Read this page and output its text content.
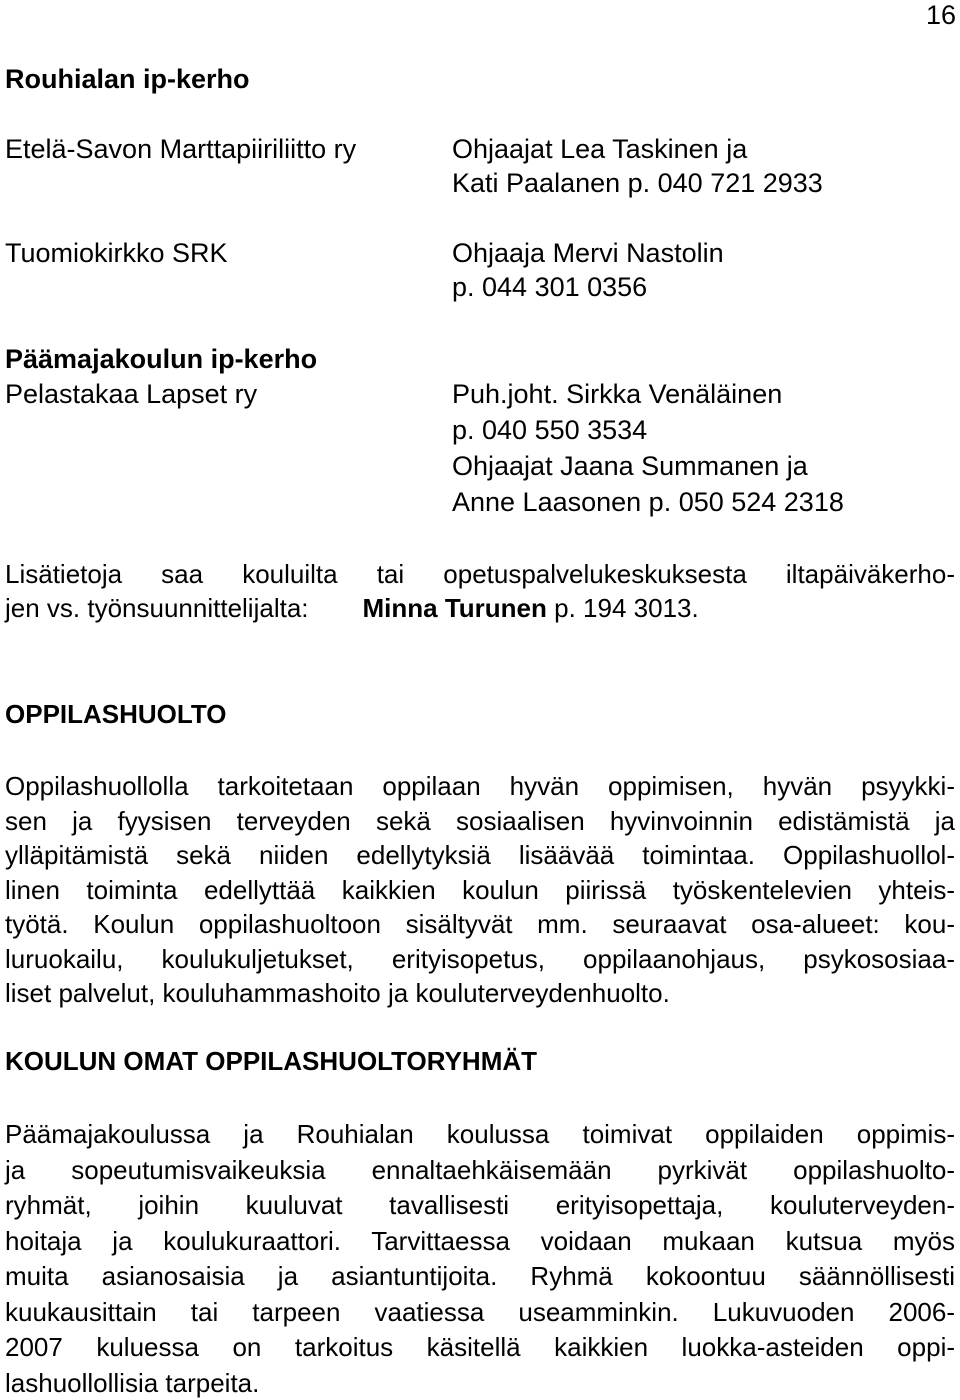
16
Rouhialan ip-kerho
Etelä-Savon Marttapiiriliitto ry	Ohjaajat Lea Taskinen ja
Kati Paalanen p. 040 721 2933
Tuomiokirkko SRK	Ohjaaja Mervi Nastolin
p. 044 301 0356
Päämajakoulun ip-kerho
Pelastakaa Lapset ry	Puh.joht. Sirkka Venäläinen
p. 040 550 3534
Ohjaajat Jaana Summanen ja
Anne Laasonen p. 050 524 2318
Lisätietoja saa kouluilta tai opetuspalvelukeskuksesta iltapäiväkerho-
jen vs. työnsuunnittelijalta: Minna Turunen p. 194 3013.
OPPILASHUOLTO
Oppilashuollolla tarkoitetaan oppilaan hyvän oppimisen, hyvän psyykki-
sen ja fyysisen terveyden sekä sosiaalisen hyvinvoinnin edistämistä ja
ylläpitämistä sekä niiden edellytyksiä lisäävää toimintaa. Oppilashuollol-
linen toiminta edellyttää kaikkien koulun piirissä työskentelevien yhteis-
työtä. Koulun oppilashuoltoon sisältyvät mm. seuraavat osa-alueet: kou-
luruokailu, koulukuljetukset, erityisopetus, oppilaanohjaus, psykososiaa-
liset palvelut, kouluhammashoito ja kouluterveydenhuolto.
KOULUN OMAT OPPILASHUOLTORYHMÄT
Päämajakoulussa ja Rouhialan koulussa toimivat oppilaiden oppimis-
ja sopeutumisvaikeuksia ennaltaehkäisemään pyrkivät oppilashuolto-
ryhmät, joihin kuuluvat tavallisesti erityisopettaja, kouluterveyden-
hoitaja ja koulukuraattori. Tarvittaessa voidaan mukaan kutsua myös
muita asianosaisia ja asiantuntijoita. Ryhmä kokoontuu säännöllisesti
kuukausittain tai tarpeen vaatiessa useamminkin. Lukuvuoden 2006-
2007 kuluessa on tarkoitus käsitellä kaikkien luokka-asteiden oppi-
lashuollollisia tarpeita.
